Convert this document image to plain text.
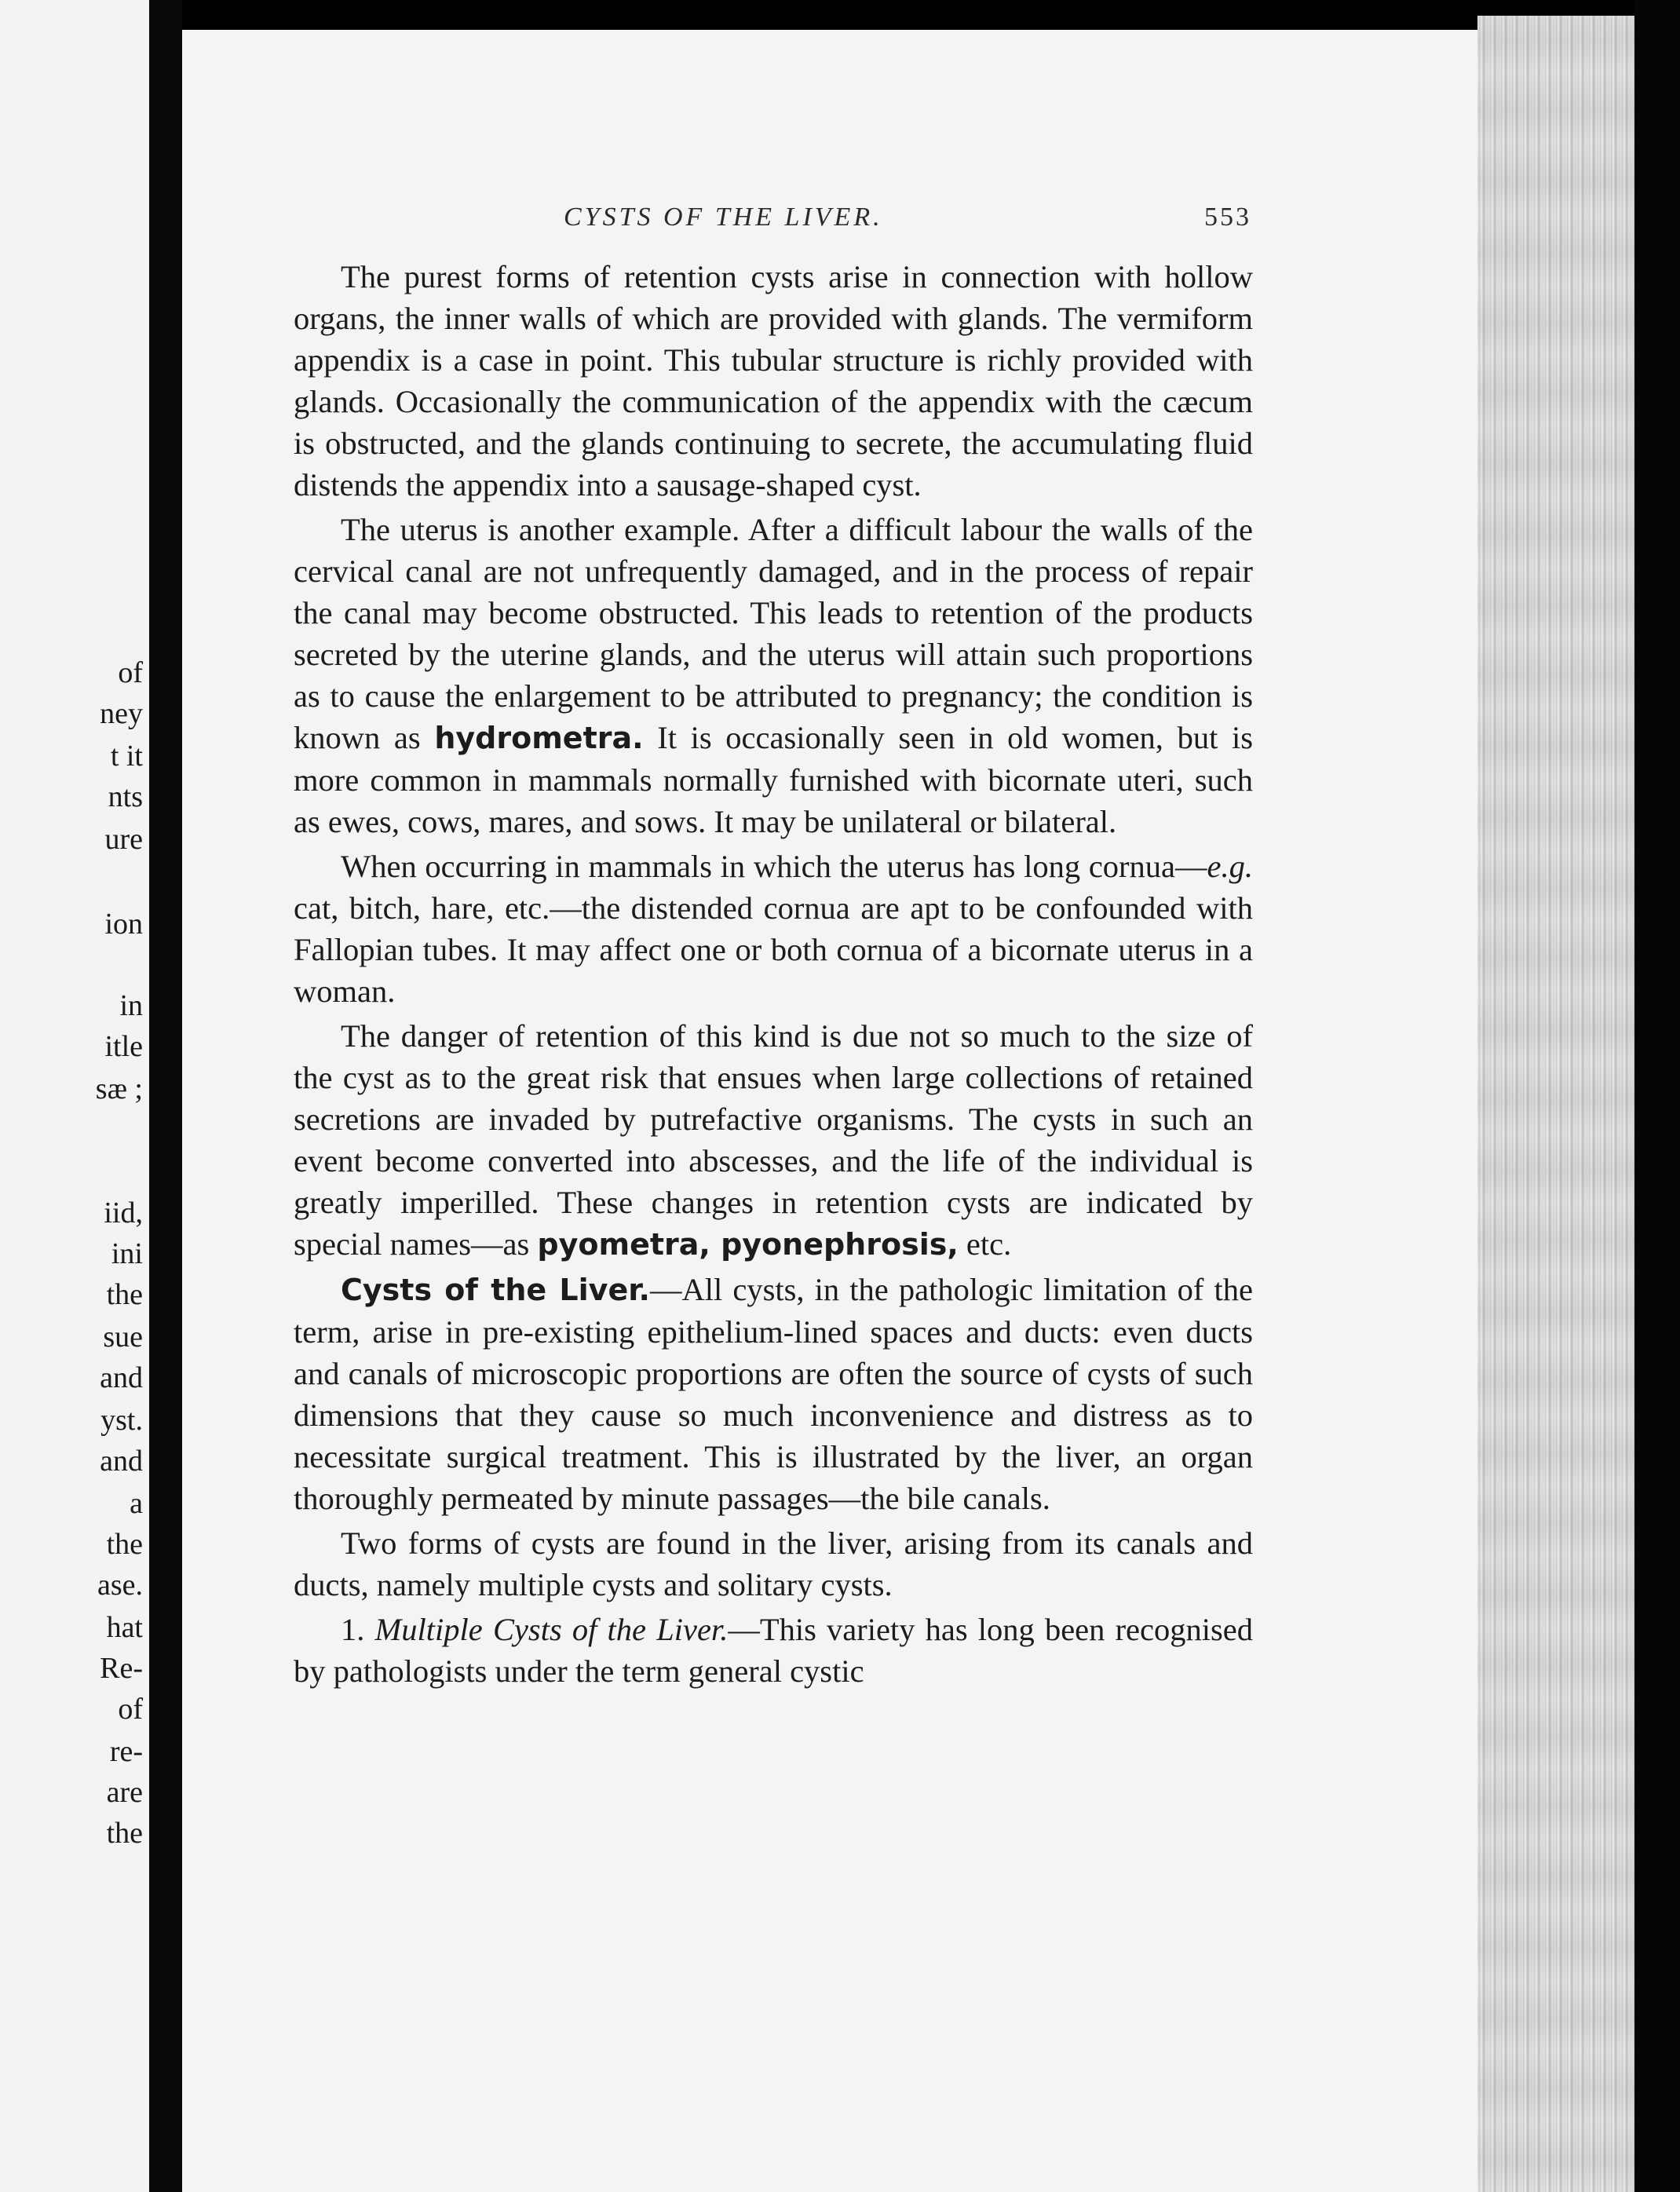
of
ney
t it
nts
ure
ion
in
itle
sæ ;
iid,
ini
the
sue
and
yst.
and
a
the
ase.
hat
Re-
of
re-
are
the
CYSTS OF THE LIVER.	553

The purest forms of retention cysts arise in connection with hollow organs, the inner walls of which are provided with glands. The vermiform appendix is a case in point. This tubular structure is richly provided with glands. Occasionally the communication of the appendix with the cæcum is obstructed, and the glands continuing to secrete, the accumulating fluid distends the appendix into a sausage-shaped cyst.

The uterus is another example. After a difficult labour the walls of the cervical canal are not unfrequently damaged, and in the process of repair the canal may become obstructed. This leads to retention of the products secreted by the uterine glands, and the uterus will attain such proportions as to cause the enlargement to be attributed to pregnancy; the condition is known as hydrometra. It is occasionally seen in old women, but is more common in mammals normally furnished with bicornate uteri, such as ewes, cows, mares, and sows. It may be unilateral or bilateral.

When occurring in mammals in which the uterus has long cornua—e.g. cat, bitch, hare, etc.—the distended cornua are apt to be confounded with Fallopian tubes. It may affect one or both cornua of a bicornate uterus in a woman.

The danger of retention of this kind is due not so much to the size of the cyst as to the great risk that ensues when large collections of retained secretions are invaded by putrefactive organisms. The cysts in such an event become converted into abscesses, and the life of the individual is greatly imperilled. These changes in retention cysts are indicated by special names—as pyometra, pyonephrosis, etc.

Cysts of the Liver.—All cysts, in the pathologic limitation of the term, arise in pre-existing epithelium-lined spaces and ducts: even ducts and canals of microscopic proportions are often the source of cysts of such dimensions that they cause so much inconvenience and distress as to necessitate surgical treatment. This is illustrated by the liver, an organ thoroughly permeated by minute passages—the bile canals.

Two forms of cysts are found in the liver, arising from its canals and ducts, namely multiple cysts and solitary cysts.

1. Multiple Cysts of the Liver.—This variety has long been recognised by pathologists under the term general cystic
